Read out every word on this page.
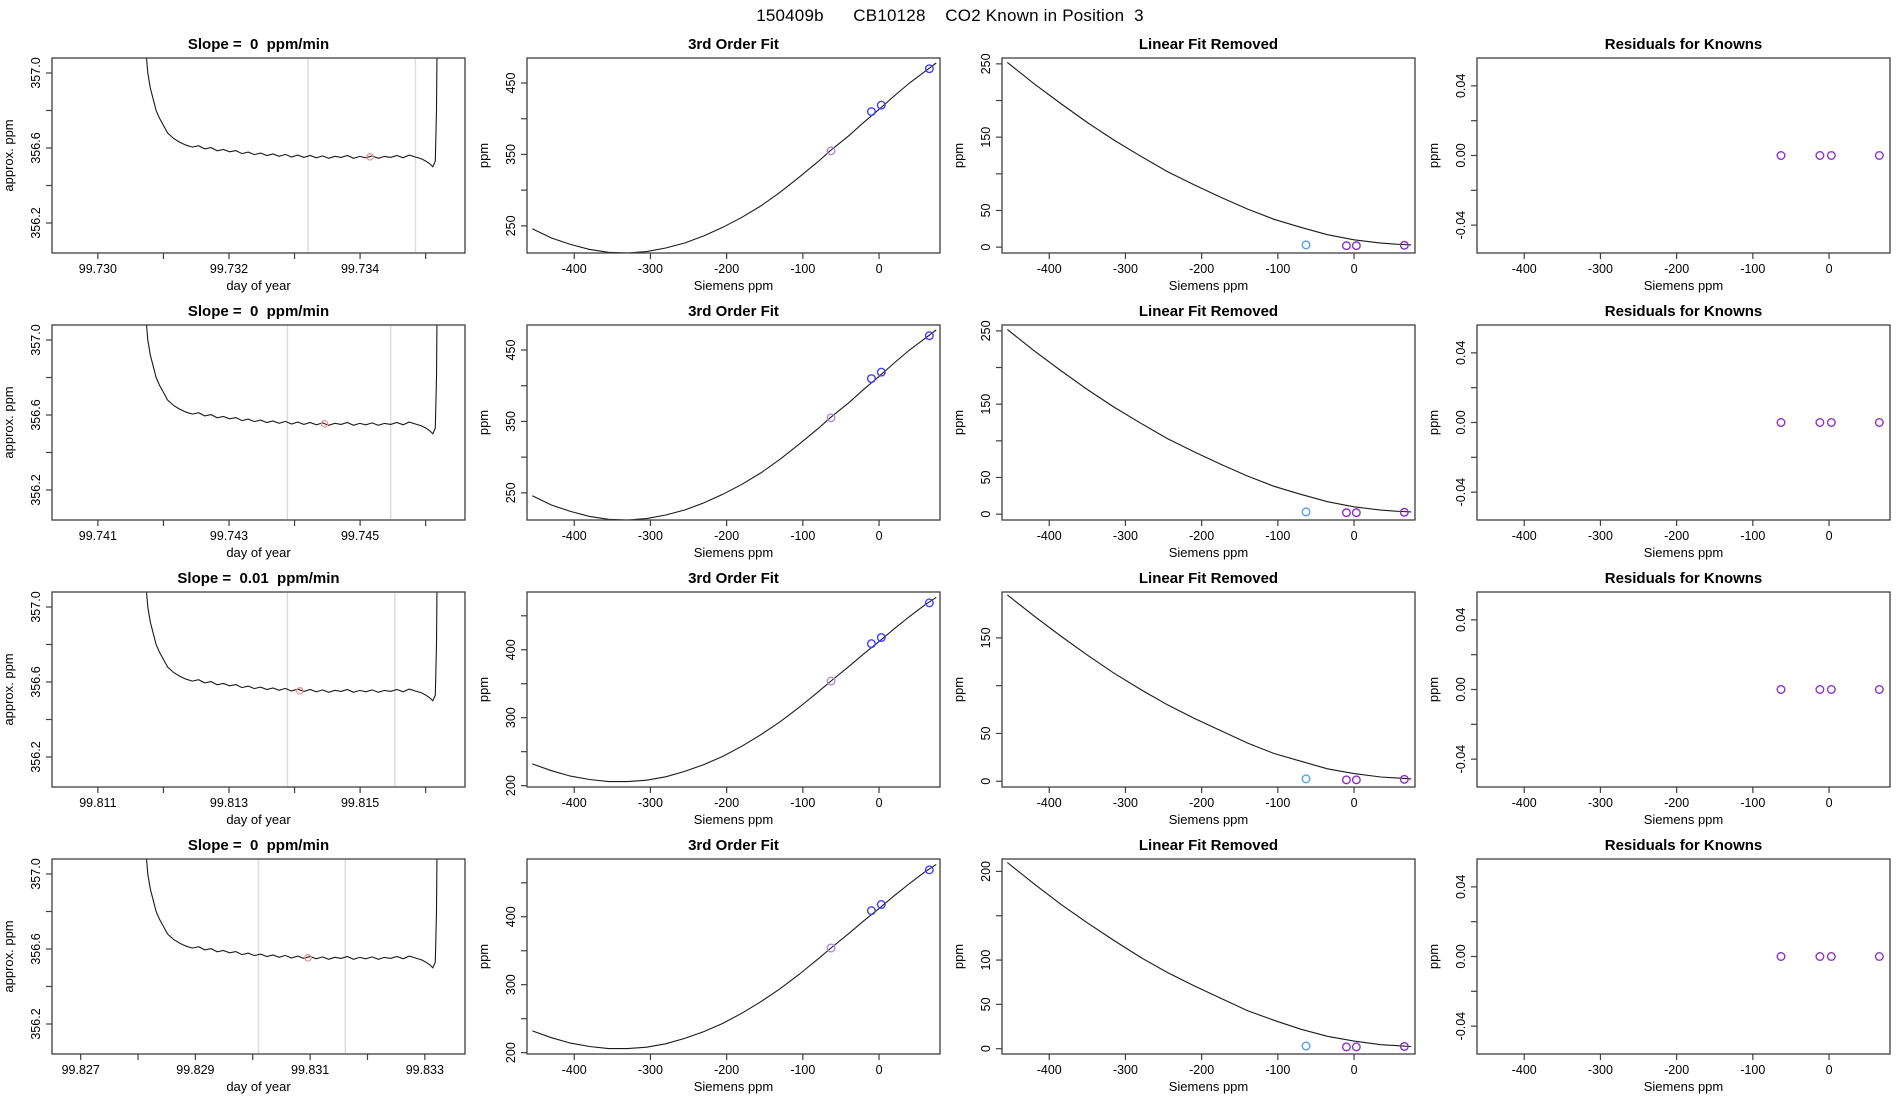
150409b      CB10128    CO2 Known in Position  3
99.730	99.732	99.734
356.2
356.6
357.0
Slope =  0  ppm/min
day of year
approx. ppm
-400	-300	-200	-100	0
250
350
450
3rd Order Fit
Siemens ppm
ppm
-400	-300	-200	-100	0
0
50
150
250
Linear Fit Removed
Siemens ppm
ppm
-400	-300	-200	-100	0
-0.04
0.00
0.04
Residuals for Knowns
Siemens ppm
ppm
99.741	99.743	99.745
356.2
356.6
357.0
Slope =  0  ppm/min
day of year
approx. ppm
-400	-300	-200	-100	0
250
350
450
3rd Order Fit
Siemens ppm
ppm
-400	-300	-200	-100	0
0
50
150
250
Linear Fit Removed
Siemens ppm
ppm
-400	-300	-200	-100	0
-0.04
0.00
0.04
Residuals for Knowns
Siemens ppm
ppm
99.811	99.813	99.815
356.2
356.6
357.0
Slope =  0.01  ppm/min
day of year
approx. ppm
-400	-300	-200	-100	0
200
300
400
3rd Order Fit
Siemens ppm
ppm
-400	-300	-200	-100	0
0
50
150
Linear Fit Removed
Siemens ppm
ppm
-400	-300	-200	-100	0
-0.04
0.00
0.04
Residuals for Knowns
Siemens ppm
ppm
99.827	99.829	99.831	99.833
356.2
356.6
357.0
Slope =  0  ppm/min
day of year
approx. ppm
-400	-300	-200	-100	0
200
300
400
3rd Order Fit
Siemens ppm
ppm
-400	-300	-200	-100	0
0
50
100
200
Linear Fit Removed
Siemens ppm
ppm
-400	-300	-200	-100	0
-0.04
0.00
0.04
Residuals for Knowns
Siemens ppm
ppm
